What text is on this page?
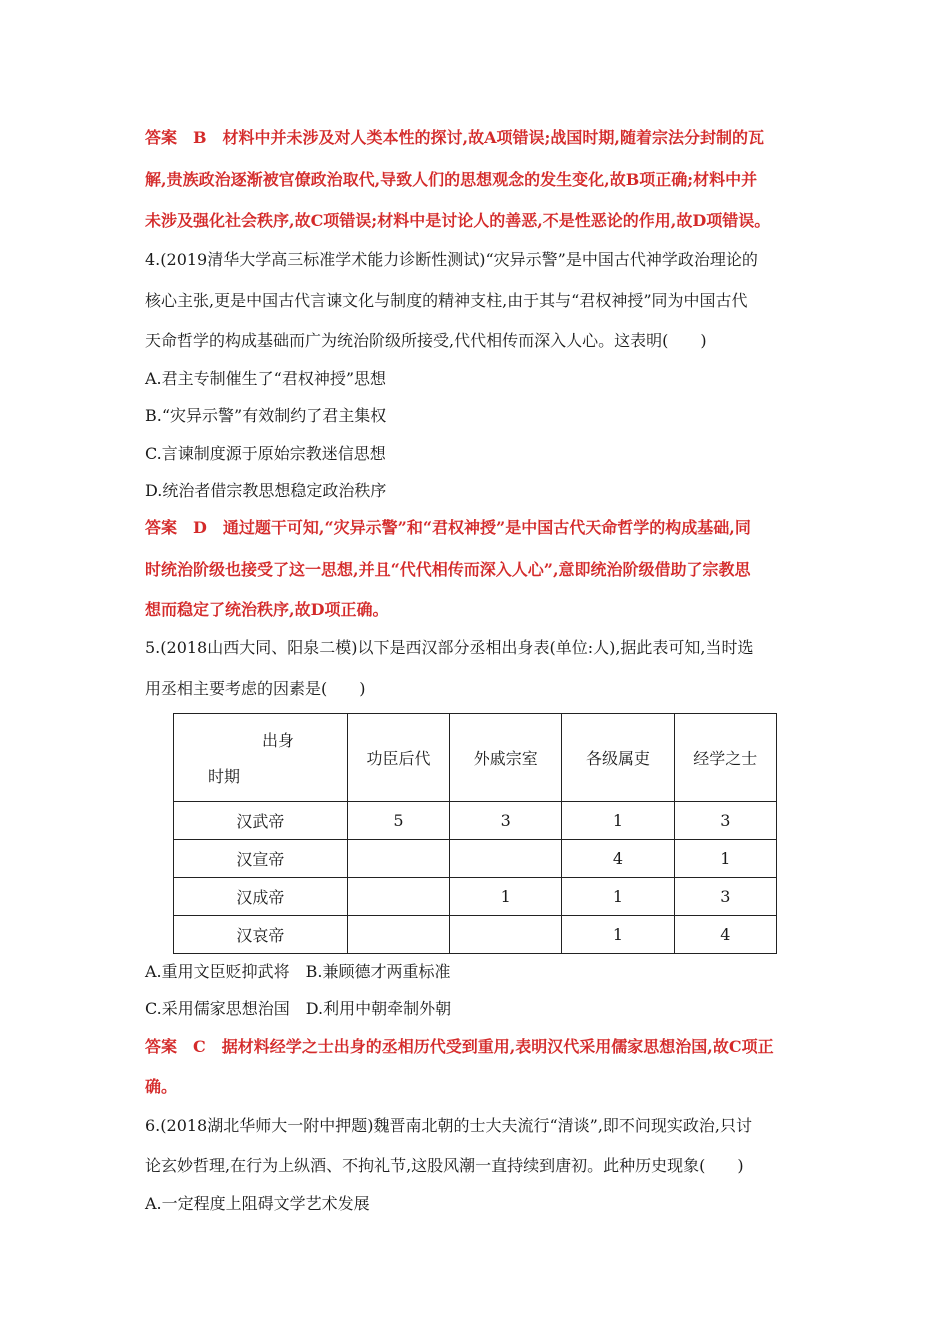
答案　B　材料中并未涉及对人类本性的探讨,故A项错误;战国时期,随着宗法分封制的瓦
解,贵族政治逐渐被官僚政治取代,导致人们的思想观念的发生变化,故B项正确;材料中并
未涉及强化社会秩序,故C项错误;材料中是讨论人的善恶,不是性恶论的作用,故D项错误。
4.(2019清华大学高三标准学术能力诊断性测试)“灾异示警”是中国古代神学政治理论的
核心主张,更是中国古代言谏文化与制度的精神支柱,由于其与“君权神授”同为中国古代
天命哲学的构成基础而广为统治阶级所接受,代代相传而深入人心。这表明(　　)
A.君主专制催生了“君权神授”思想
B.“灾异示警”有效制约了君主集权
C.言谏制度源于原始宗教迷信思想
D.统治者借宗教思想稳定政治秩序
答案　D　通过题干可知,“灾异示警”和“君权神授”是中国古代天命哲学的构成基础,同
时统治阶级也接受了这一思想,并且“代代相传而深入人心”,意即统治阶级借助了宗教思
想而稳定了统治秩序,故D项正确。
5.(2018山西大同、阳泉二模)以下是西汉部分丞相出身表(单位:人),据此表可知,当时选
用丞相主要考虑的因素是(　　)
出身
时期	功臣后代	外戚宗室	各级属吏	经学之士
汉武帝	5	3	1	3
汉宣帝			4	1
汉成帝		1	1	3
汉哀帝			1	4
A.重用文臣贬抑武将　B.兼顾德才两重标准
C.采用儒家思想治国　D.利用中朝牵制外朝
答案　C　据材料经学之士出身的丞相历代受到重用,表明汉代采用儒家思想治国,故C项正
确。
6.(2018湖北华师大一附中押题)魏晋南北朝的士大夫流行“清谈”,即不问现实政治,只讨
论玄妙哲理,在行为上纵酒、不拘礼节,这股风潮一直持续到唐初。此种历史现象(　　)
A.一定程度上阻碍文学艺术发展
